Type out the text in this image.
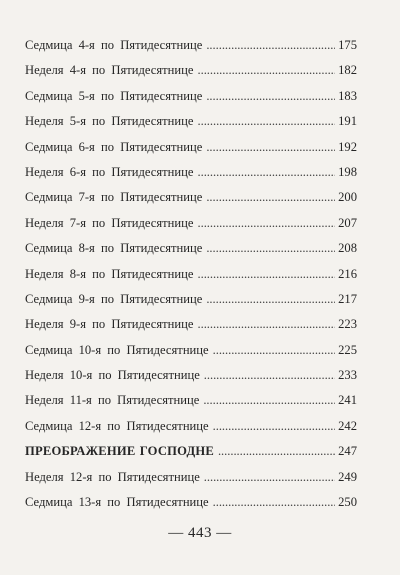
Седмица 4-я по Пятидесятнице . . .	175
Неделя 4-я по Пятидесятнице . . .	182
Седмица 5-я по Пятидесятнице . . .	183
Неделя 5-я по Пятидесятнице . . .	191
Седмица 6-я по Пятидесятнице . . .	192
Неделя 6-я по Пятидесятнице . . .	198
Седмица 7-я по Пятидесятнице . . .	200
Неделя 7-я по Пятидесятнице . . .	207
Седмица 8-я по Пятидесятнице . . .	208
Неделя 8-я по Пятидесятнице . . .	216
Седмица 9-я по Пятидесятнице . . .	217
Неделя 9-я по Пятидесятнице . . .	223
Седмица 10-я по Пятидесятнице . . .	225
Неделя 10-я по Пятидесятнице . . .	233
Неделя 11-я по Пятидесятнице . . .	241
Седмица 12-я по Пятидесятнице . . .	242
ПРЕОБРАЖЕНИЕ ГОСПОДНЕ . . .	247
Неделя 12-я по Пятидесятнице . . .	249
Седмица 13-я по Пятидесятнице . . .	250
— 443 —
